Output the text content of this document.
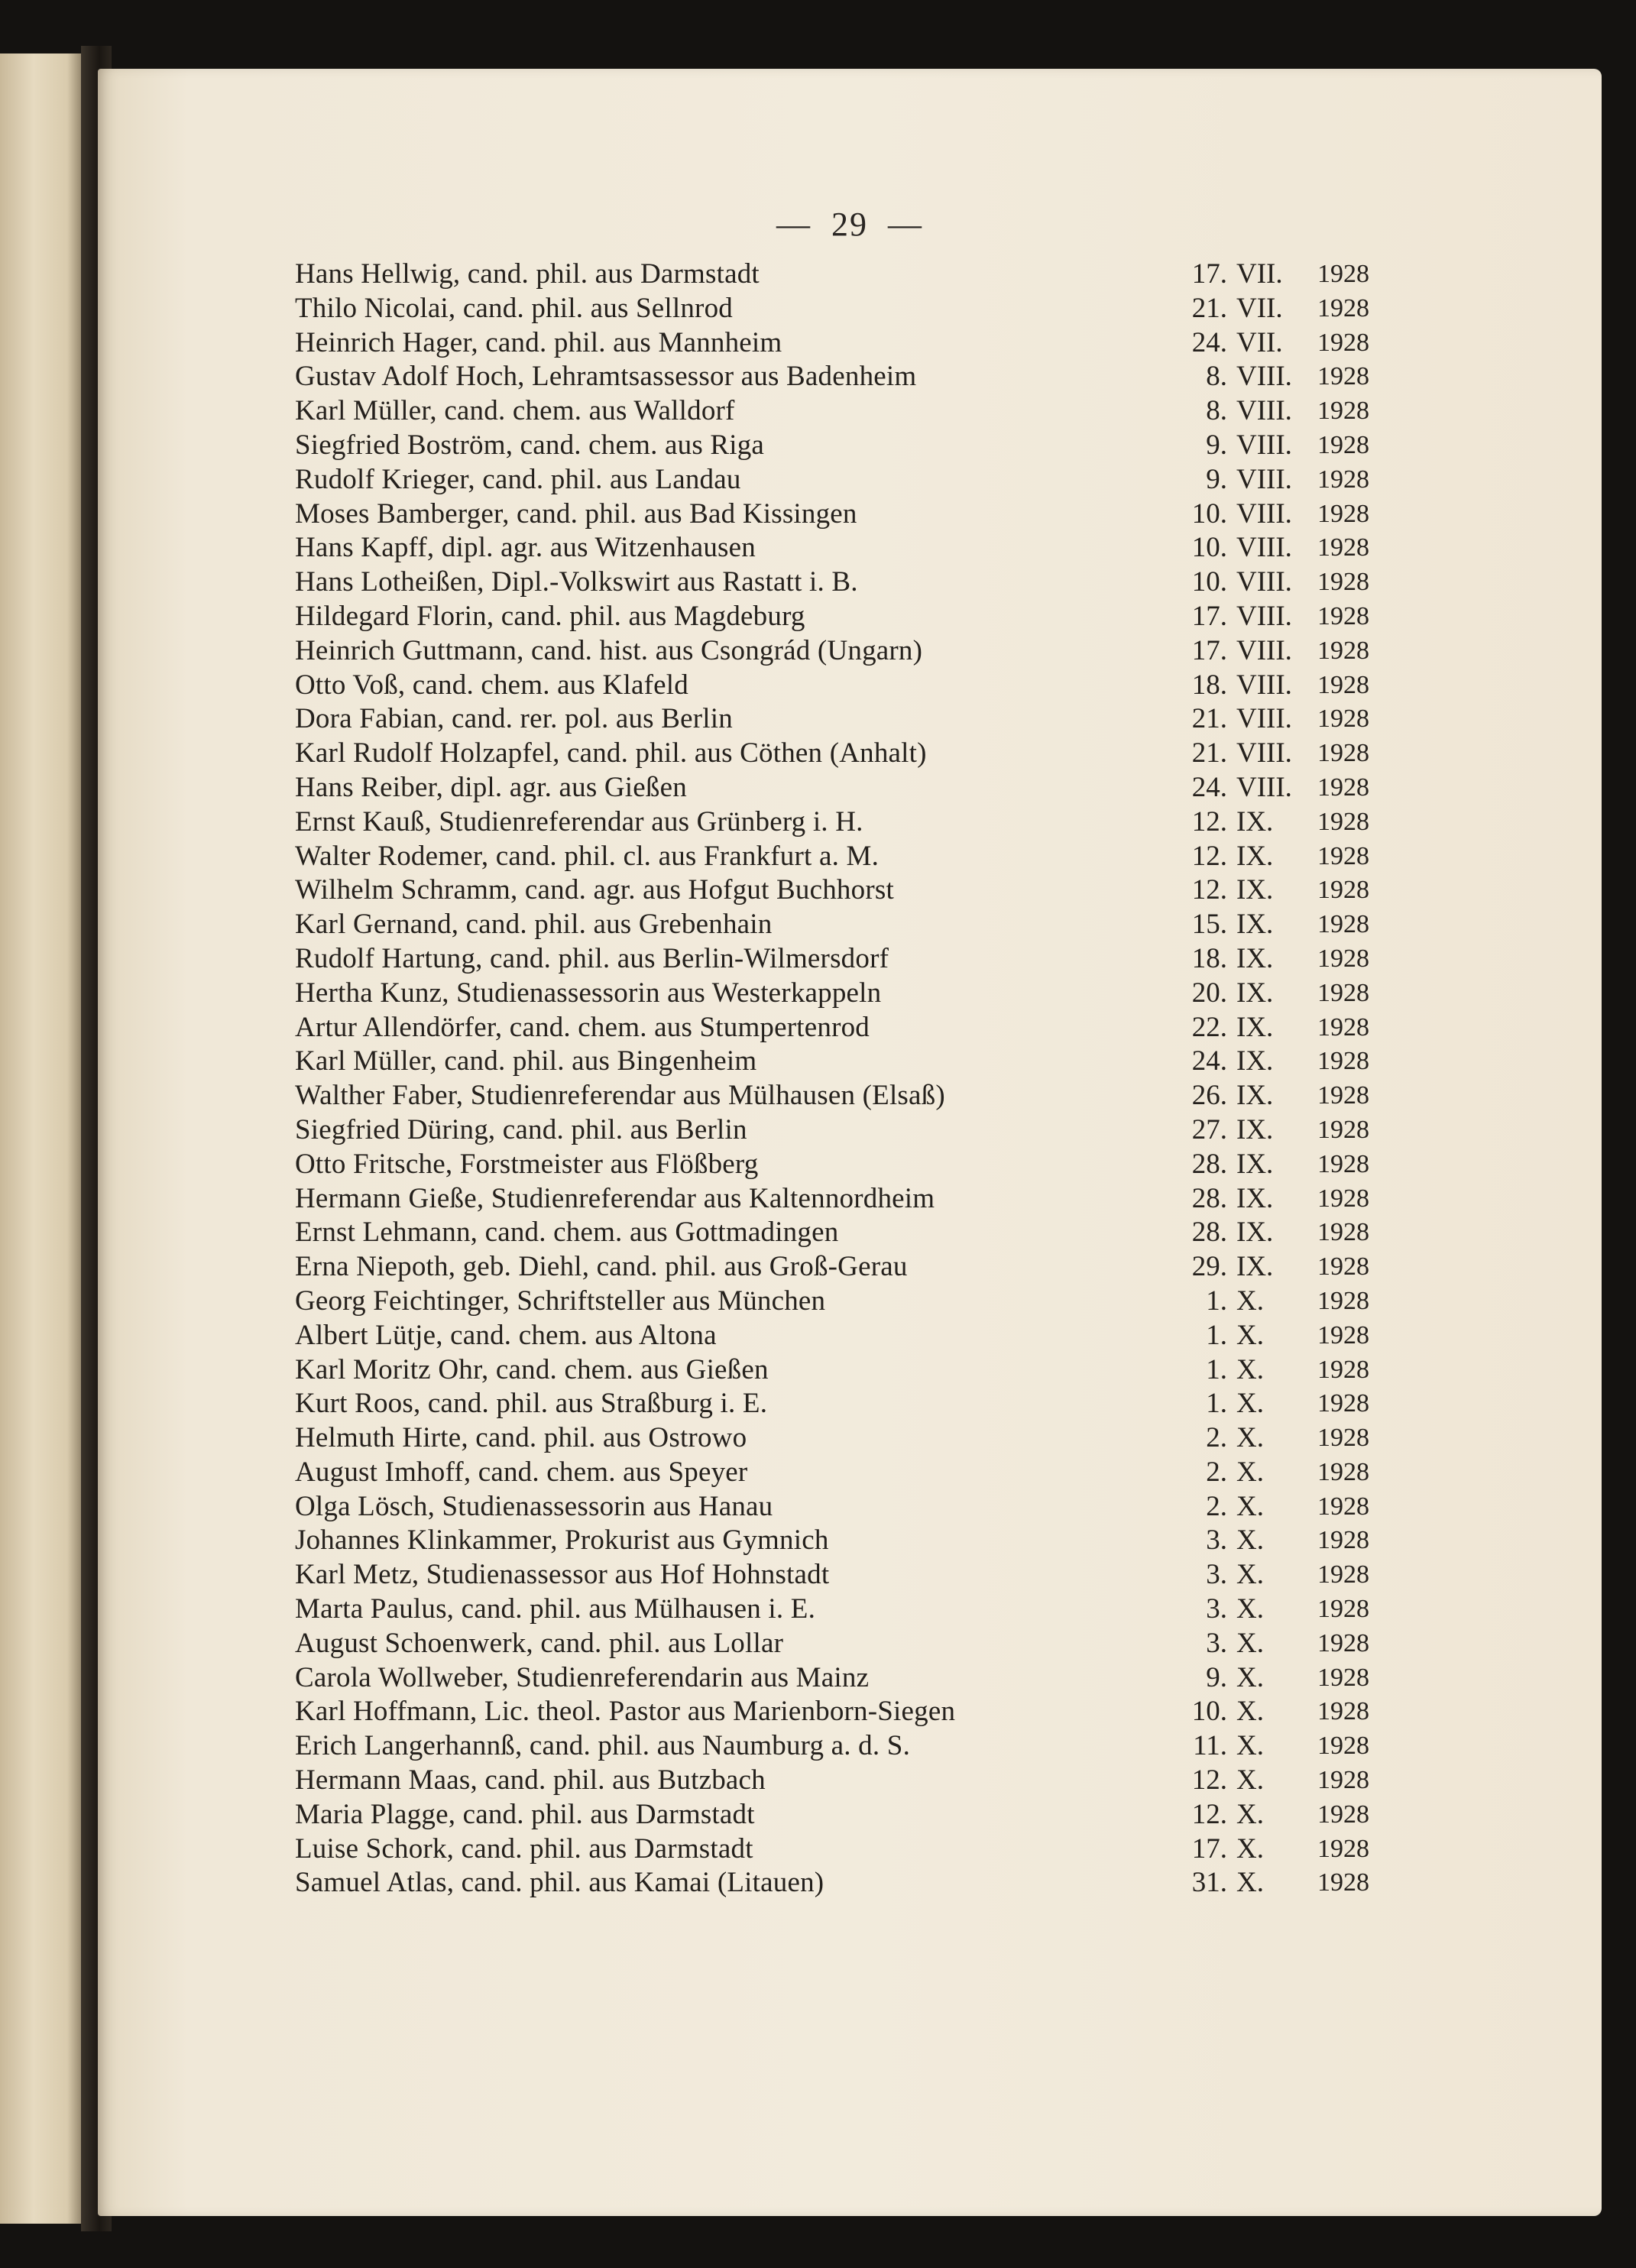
— 29 —
Hans Hellwig, cand. phil. aus Darmstadt	17. VII. 1928
Thilo Nicolai, cand. phil. aus Sellnrod	21. VII. 1928
Heinrich Hager, cand. phil. aus Mannheim	24. VII. 1928
Gustav Adolf Hoch, Lehramtsassessor aus Badenheim	8. VIII. 1928
Karl Müller, cand. chem. aus Walldorf	8. VIII. 1928
Siegfried Boström, cand. chem. aus Riga	9. VIII. 1928
Rudolf Krieger, cand. phil. aus Landau	9. VIII. 1928
Moses Bamberger, cand. phil. aus Bad Kissingen	10. VIII. 1928
Hans Kapff, dipl. agr. aus Witzenhausen	10. VIII. 1928
Hans Lotheißen, Dipl.-Volkswirt aus Rastatt i. B.	10. VIII. 1928
Hildegard Florin, cand. phil. aus Magdeburg	17. VIII. 1928
Heinrich Guttmann, cand. hist. aus Csongrád (Ungarn)	17. VIII. 1928
Otto Voß, cand. chem. aus Klafeld	18. VIII. 1928
Dora Fabian, cand. rer. pol. aus Berlin	21. VIII. 1928
Karl Rudolf Holzapfel, cand. phil. aus Cöthen (Anhalt)	21. VIII. 1928
Hans Reiber, dipl. agr. aus Gießen	24. VIII. 1928
Ernst Kauß, Studienreferendar aus Grünberg i. H.	12. IX. 1928
Walter Rodemer, cand. phil. cl. aus Frankfurt a. M.	12. IX. 1928
Wilhelm Schramm, cand. agr. aus Hofgut Buchhorst	12. IX. 1928
Karl Gernand, cand. phil. aus Grebenhain	15. IX. 1928
Rudolf Hartung, cand. phil. aus Berlin-Wilmersdorf	18. IX. 1928
Hertha Kunz, Studienassessorin aus Westerkappeln	20. IX. 1928
Artur Allendörfer, cand. chem. aus Stumpertenrod	22. IX. 1928
Karl Müller, cand. phil. aus Bingenheim	24. IX. 1928
Walther Faber, Studienreferendar aus Mülhausen (Elsaß)	26. IX. 1928
Siegfried Düring, cand. phil. aus Berlin	27. IX. 1928
Otto Fritsche, Forstmeister aus Flößberg	28. IX. 1928
Hermann Gieße, Studienreferendar aus Kaltennordheim	28. IX. 1928
Ernst Lehmann, cand. chem. aus Gottmadingen	28. IX. 1928
Erna Niepoth, geb. Diehl, cand. phil. aus Groß-Gerau	29. IX. 1928
Georg Feichtinger, Schriftsteller aus München	1. X. 1928
Albert Lütje, cand. chem. aus Altona	1. X. 1928
Karl Moritz Ohr, cand. chem. aus Gießen	1. X. 1928
Kurt Roos, cand. phil. aus Straßburg i. E.	1. X. 1928
Helmuth Hirte, cand. phil. aus Ostrowo	2. X. 1928
August Imhoff, cand. chem. aus Speyer	2. X. 1928
Olga Lösch, Studienassessorin aus Hanau	2. X. 1928
Johannes Klinkammer, Prokurist aus Gymnich	3. X. 1928
Karl Metz, Studienassessor aus Hof Hohnstadt	3. X. 1928
Marta Paulus, cand. phil. aus Mülhausen i. E.	3. X. 1928
August Schoenwerk, cand. phil. aus Lollar	3. X. 1928
Carola Wollweber, Studienreferendarin aus Mainz	9. X. 1928
Karl Hoffmann, Lic. theol. Pastor aus Marienborn-Siegen	10. X. 1928
Erich Langerhannß, cand. phil. aus Naumburg a. d. S.	11. X. 1928
Hermann Maas, cand. phil. aus Butzbach	12. X. 1928
Maria Plagge, cand. phil. aus Darmstadt	12. X. 1928
Luise Schork, cand. phil. aus Darmstadt	17. X. 1928
Samuel Atlas, cand. phil. aus Kamai (Litauen)	31. X. 1928
